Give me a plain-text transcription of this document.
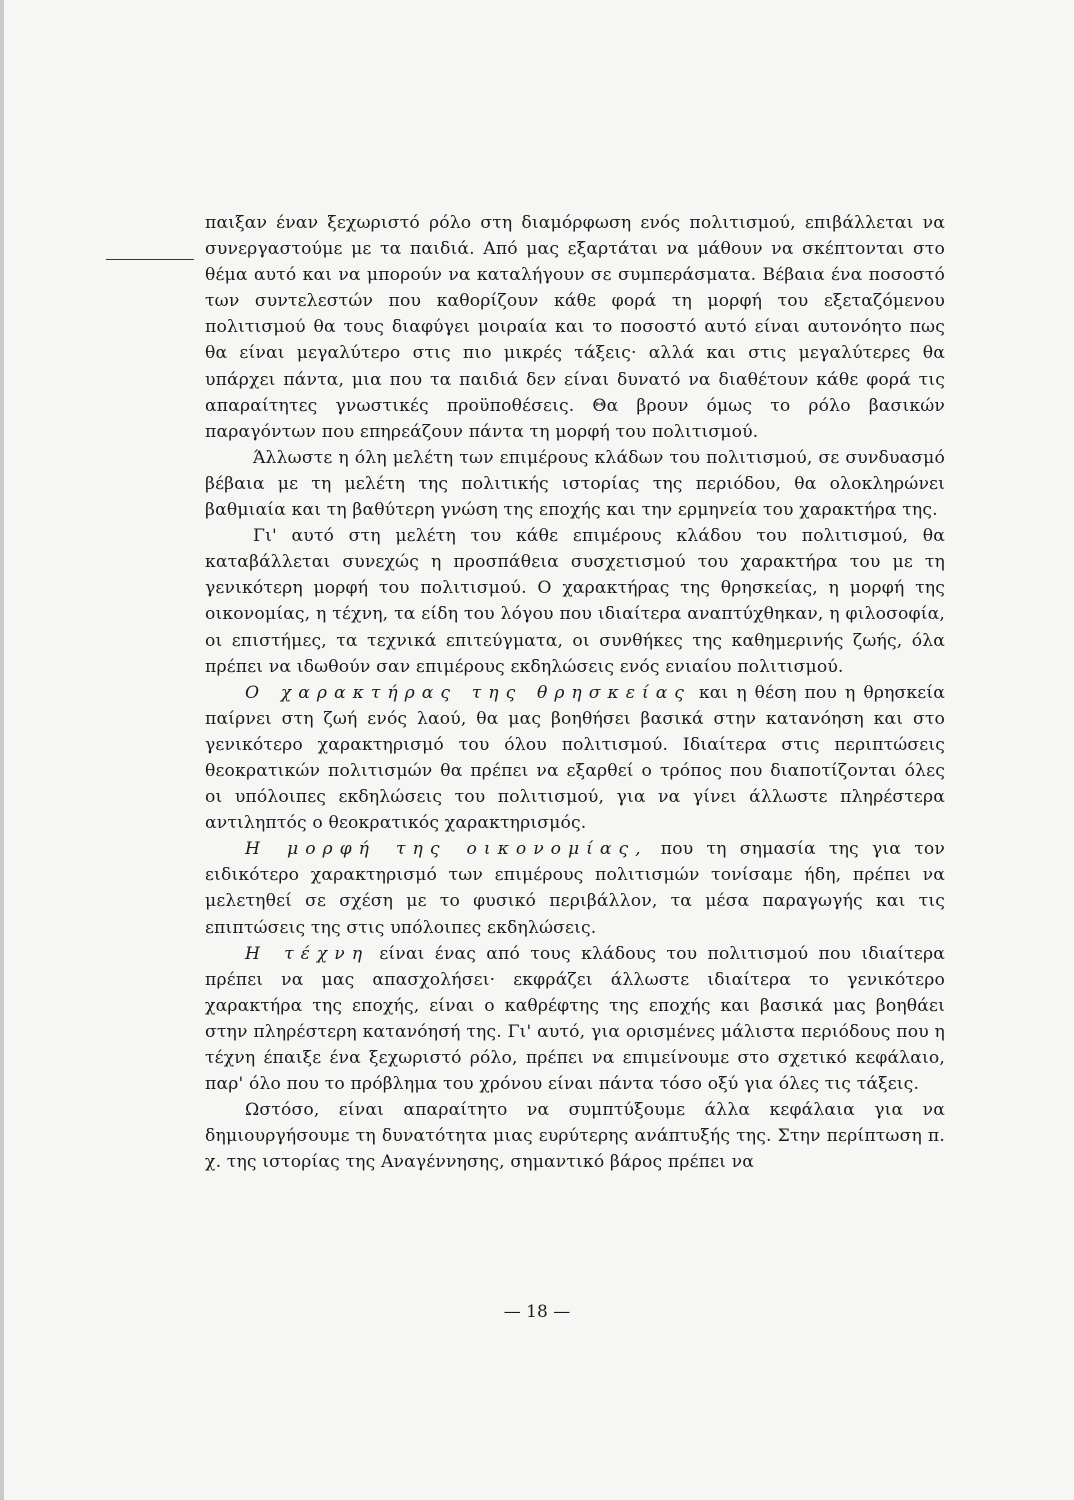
παιξαν έναν ξεχωριστό ρόλο στη διαμόρφωση ενός πολιτισμού, επιβάλλεται να συνεργαστούμε με τα παιδιά. Από μας εξαρτάται να μάθουν να σκέπτονται στο θέμα αυτό και να μπορούν να καταλήγουν σε συμπεράσματα. Βέβαια ένα ποσοστό των συντελεστών που καθορίζουν κάθε φορά τη μορφή του εξεταζόμενου πολιτισμού θα τους διαφύγει μοιραία και το ποσοστό αυτό είναι αυτονόητο πως θα είναι μεγαλύτερο στις πιο μικρές τάξεις· αλλά και στις μεγαλύτερες θα υπάρχει πάντα, μια που τα παιδιά δεν είναι δυνατό να διαθέτουν κάθε φορά τις απαραίτητες γνωστικές προϋποθέσεις. Θα βρουν όμως το ρόλο βασικών παραγόντων που επηρεάζουν πάντα τη μορφή του πολιτισμού.

Άλλωστε η όλη μελέτη των επιμέρους κλάδων του πολιτισμού, σε συνδυασμό βέβαια με τη μελέτη της πολιτικής ιστορίας της περιόδου, θα ολοκληρώνει βαθμιαία και τη βαθύτερη γνώση της εποχής και την ερμηνεία του χαρακτήρα της.

Γι' αυτό στη μελέτη του κάθε επιμέρους κλάδου του πολιτισμού, θα καταβάλλεται συνεχώς η προσπάθεια συσχετισμού του χαρακτήρα του με τη γενικότερη μορφή του πολιτισμού. Ο χαρακτήρας της θρησκείας, η μορφή της οικονομίας, η τέχνη, τα είδη του λόγου που ιδιαίτερα αναπτύχθηκαν, η φιλοσοφία, οι επιστήμες, τα τεχνικά επιτεύγματα, οι συνθήκες της καθημερινής ζωής, όλα πρέπει να ιδωθούν σαν επιμέρους εκδηλώσεις ενός ενιαίου πολιτισμού.

Ο χαρακτήρας της θρησκείας και η θέση που η θρησκεία παίρνει στη ζωή ενός λαού, θα μας βοηθήσει βασικά στην κατανόηση και στο γενικότερο χαρακτηρισμό του όλου πολιτισμού. Ιδιαίτερα στις περιπτώσεις θεοκρατικών πολιτισμών θα πρέπει να εξαρθεί ο τρόπος που διαποτίζονται όλες οι υπόλοιπες εκδηλώσεις του πολιτισμού, για να γίνει άλλωστε πληρέστερα αντιληπτός ο θεοκρατικός χαρακτηρισμός.

Η μορφή της οικονομίας, που τη σημασία της για τον ειδικότερο χαρακτηρισμό των επιμέρους πολιτισμών τονίσαμε ήδη, πρέπει να μελετηθεί σε σχέση με το φυσικό περιβάλλον, τα μέσα παραγωγής και τις επιπτώσεις της στις υπόλοιπες εκδηλώσεις.

Η τέχνη είναι ένας από τους κλάδους του πολιτισμού που ιδιαίτερα πρέπει να μας απασχολήσει· εκφράζει άλλωστε ιδιαίτερα το γενικότερο χαρακτήρα της εποχής, είναι ο καθρέφτης της εποχής και βασικά μας βοηθάει στην πληρέστερη κατανόησή της. Γι' αυτό, για ορισμένες μάλιστα περιόδους που η τέχνη έπαιξε ένα ξεχωριστό ρόλο, πρέπει να επιμείνουμε στο σχετικό κεφάλαιο, παρ' όλο που το πρόβλημα του χρόνου είναι πάντα τόσο οξύ για όλες τις τάξεις.

Ωστόσο, είναι απαραίτητο να συμπτύξουμε άλλα κεφάλαια για να δημιουργήσουμε τη δυνατότητα μιας ευρύτερης ανάπτυξής της. Στην περίπτωση π. χ. της ιστορίας της Αναγέννησης, σημαντικό βάρος πρέπει να

— 18 —
